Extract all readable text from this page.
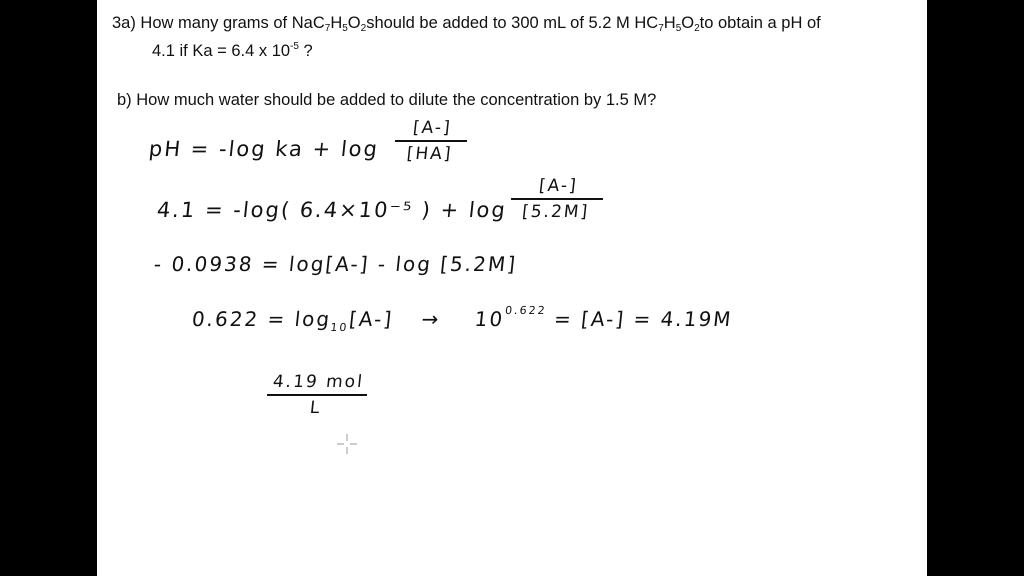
3a) How many grams of $NaC_7H_5O_2should$ be added to 300 mL of 5.2 M $HC_7H_5O_2to$ obtain a pH of
4.1 if Ka = 6.4 x $10^{-5}$ ?
b) How much water should be added to dilute the concentration by 1.5 M?
pH = -log ka + log
[A-]
[HA]
4.1 = -log( 6.4×10⁻⁵ ) + log
[A-]
[5.2M]
- 0.0938 = log[A-] - log [5.2M]
$0.622 = \log_{10}[A-] \to 10^{0.622} = [A-] = 4.19M$
4.19 mol
L
